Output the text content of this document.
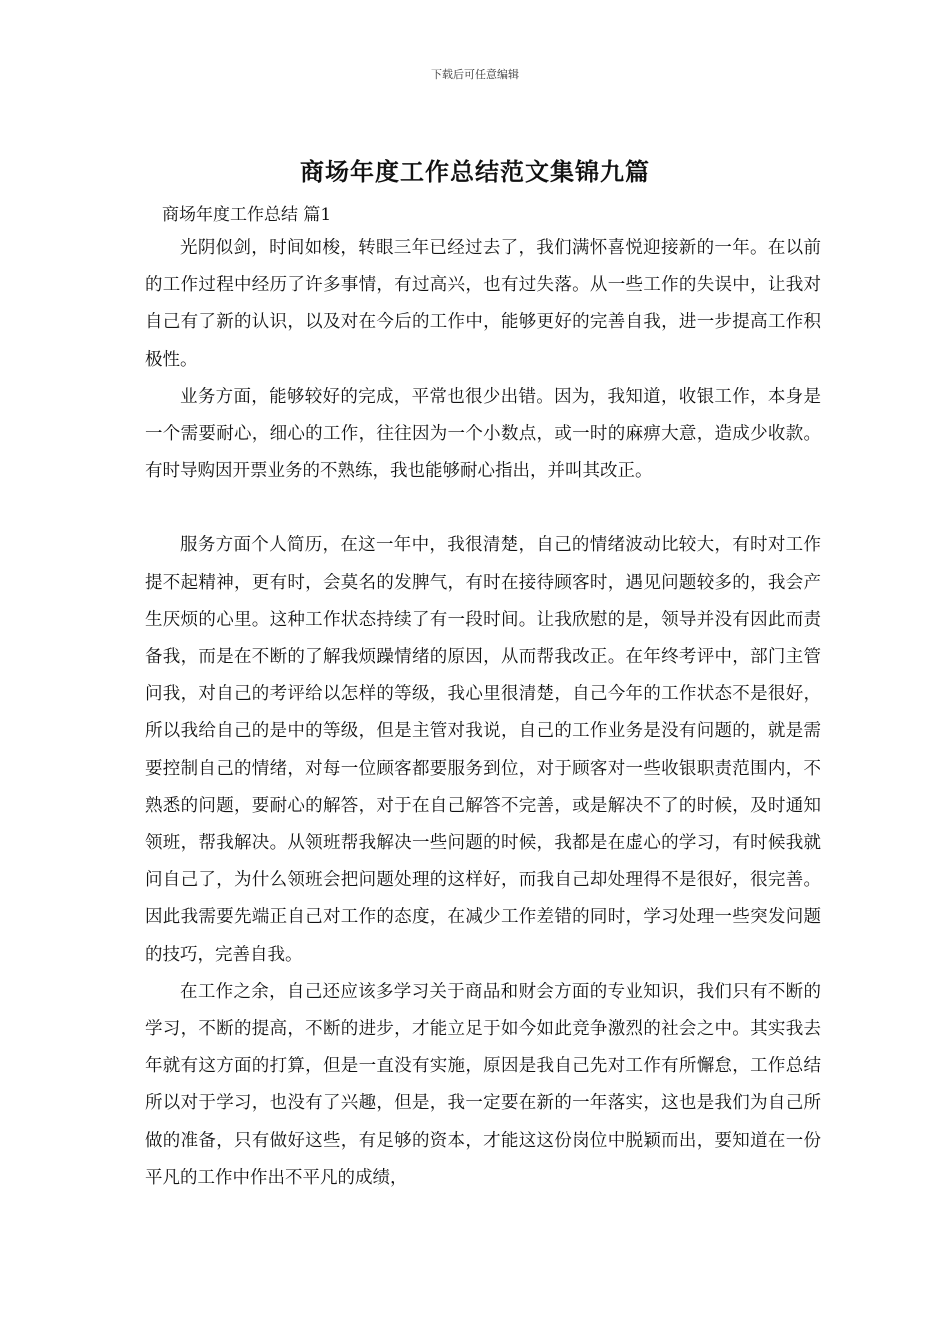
下载后可任意编辑
商场年度工作总结范文集锦九篇
商场年度工作总结 篇1

光阴似剑，时间如梭，转眼三年已经过去了，我们满怀喜悦迎接新的一年。在以前的工作过程中经历了许多事情，有过高兴，也有过失落。从一些工作的失误中，让我对自己有了新的认识，以及对在今后的工作中，能够更好的完善自我，进一步提高工作积极性。

业务方面，能够较好的完成，平常也很少出错。因为，我知道，收银工作，本身是一个需要耐心，细心的工作，往往因为一个小数点，或一时的麻痹大意，造成少收款。有时导购因开票业务的不熟练，我也能够耐心指出，并叫其改正。

服务方面个人简历，在这一年中，我很清楚，自己的情绪波动比较大，有时对工作提不起精神，更有时，会莫名的发脾气，有时在接待顾客时，遇见问题较多的，我会产生厌烦的心里。这种工作状态持续了有一段时间。让我欣慰的是，领导并没有因此而责备我，而是在不断的了解我烦躁情绪的原因，从而帮我改正。在年终考评中，部门主管问我，对自己的考评给以怎样的等级，我心里很清楚，自己今年的工作状态不是很好，所以我给自己的是中的等级，但是主管对我说，自己的工作业务是没有问题的，就是需要控制自己的情绪，对每一位顾客都要服务到位，对于顾客对一些收银职责范围内，不熟悉的问题，要耐心的解答，对于在自己解答不完善，或是解决不了的时候，及时通知领班，帮我解决。从领班帮我解决一些问题的时候，我都是在虚心的学习，有时候我就问自己了，为什么领班会把问题处理的这样好，而我自己却处理得不是很好，很完善。因此我需要先端正自己对工作的态度，在减少工作差错的同时，学习处理一些突发问题的技巧，完善自我。

在工作之余，自己还应该多学习关于商品和财会方面的专业知识，我们只有不断的学习，不断的提高，不断的进步，才能立足于如今如此竞争激烈的社会之中。其实我去年就有这方面的打算，但是一直没有实施，原因是我自己先对工作有所懈怠，工作总结所以对于学习，也没有了兴趣，但是，我一定要在新的一年落实，这也是我们为自己所做的准备，只有做好这些，有足够的资本，才能这这份岗位中脱颖而出，要知道在一份平凡的工作中作出不平凡的成绩，
